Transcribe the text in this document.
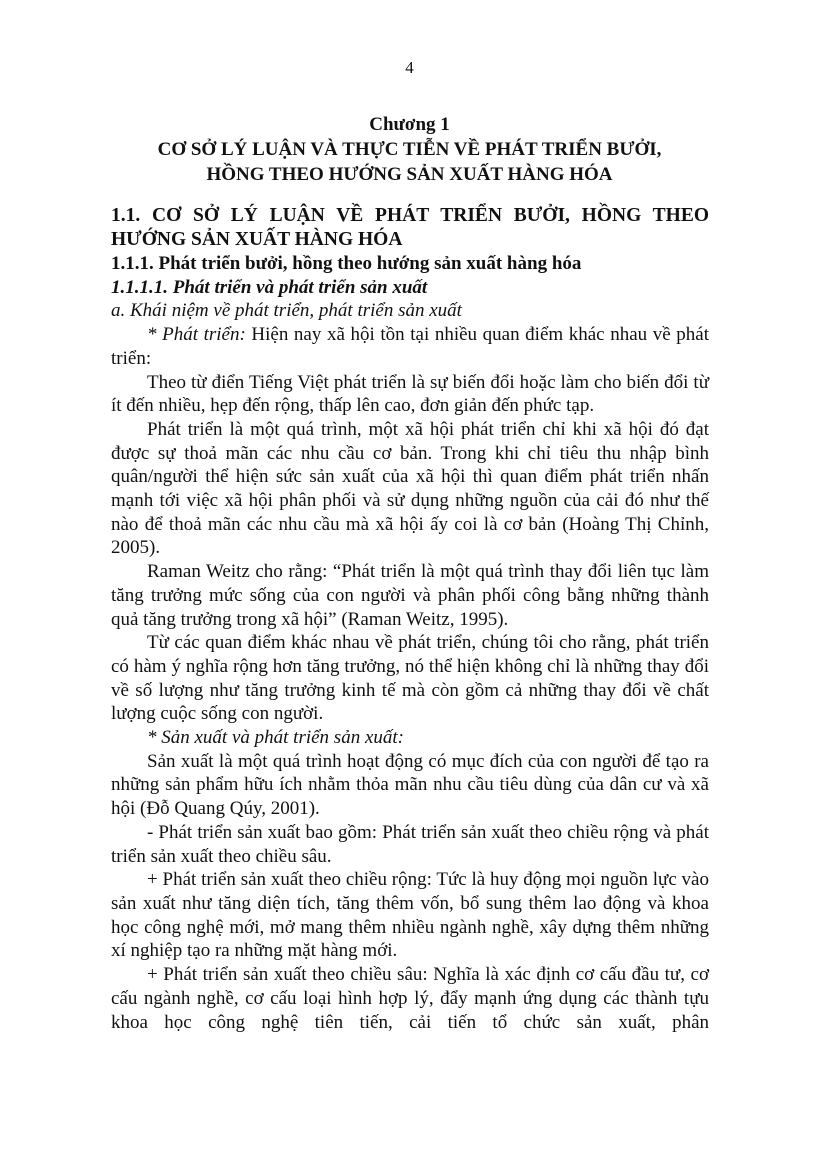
4
Chương 1
CƠ SỞ LÝ LUẬN VÀ THỰC TIỄN VỀ PHÁT TRIỂN BƯỞI,
HỒNG THEO HƯỚNG SẢN XUẤT HÀNG HÓA

1.1. CƠ SỞ LÝ LUẬN VỀ PHÁT TRIỂN BƯỞI, HỒNG THEO
HƯỚNG SẢN XUẤT HÀNG HÓA

1.1.1. Phát triển bưởi, hồng theo hướng sản xuất hàng hóa

1.1.1.1. Phát triển và phát triển sản xuất

a. Khái niệm về phát triển, phát triển sản xuất

* Phát triển: Hiện nay xã hội tồn tại nhiều quan điểm khác nhau về phát triển:

Theo từ điển Tiếng Việt phát triển là sự biến đổi hoặc làm cho biến đổi từ ít đến nhiều, hẹp đến rộng, thấp lên cao, đơn giản đến phức tạp.

Phát triển là một quá trình, một xã hội phát triển chỉ khi xã hội đó đạt được sự thoả mãn các nhu cầu cơ bản. Trong khi chỉ tiêu thu nhập bình quân/người thể hiện sức sản xuất của xã hội thì quan điểm phát triển nhấn mạnh tới việc xã hội phân phối và sử dụng những nguồn của cải đó như thế nào để thoả mãn các nhu cầu mà xã hội ấy coi là cơ bản (Hoàng Thị Chỉnh, 2005).

Raman Weitz cho rằng: “Phát triển là một quá trình thay đổi liên tục làm tăng trưởng mức sống của con người và phân phối công bằng những thành quả tăng trưởng trong xã hội” (Raman Weitz, 1995).

Từ các quan điểm khác nhau về phát triển, chúng tôi cho rằng, phát triển có hàm ý nghĩa rộng hơn tăng trưởng, nó thể hiện không chỉ là những thay đổi về số lượng như tăng trưởng kinh tế mà còn gồm cả những thay đổi về chất lượng cuộc sống con người.

* Sản xuất và phát triển sản xuất:

Sản xuất là một quá trình hoạt động có mục đích của con người để tạo ra những sản phẩm hữu ích nhằm thỏa mãn nhu cầu tiêu dùng của dân cư và xã hội (Đỗ Quang Qúy, 2001).

- Phát triển sản xuất bao gồm: Phát triển sản xuất theo chiều rộng và phát triển sản xuất theo chiều sâu.

+ Phát triển sản xuất theo chiều rộng: Tức là huy động mọi nguồn lực vào sản xuất như tăng diện tích, tăng thêm vốn, bổ sung thêm lao động và khoa học công nghệ mới, mở mang thêm nhiều ngành nghề, xây dựng thêm những xí nghiệp tạo ra những mặt hàng mới.

+ Phát triển sản xuất theo chiều sâu: Nghĩa là xác định cơ cấu đầu tư, cơ cấu ngành nghề, cơ cấu loại hình hợp lý, đẩy mạnh ứng dụng các thành tựu khoa học công nghệ tiên tiến, cải tiến tổ chức sản xuất, phân
